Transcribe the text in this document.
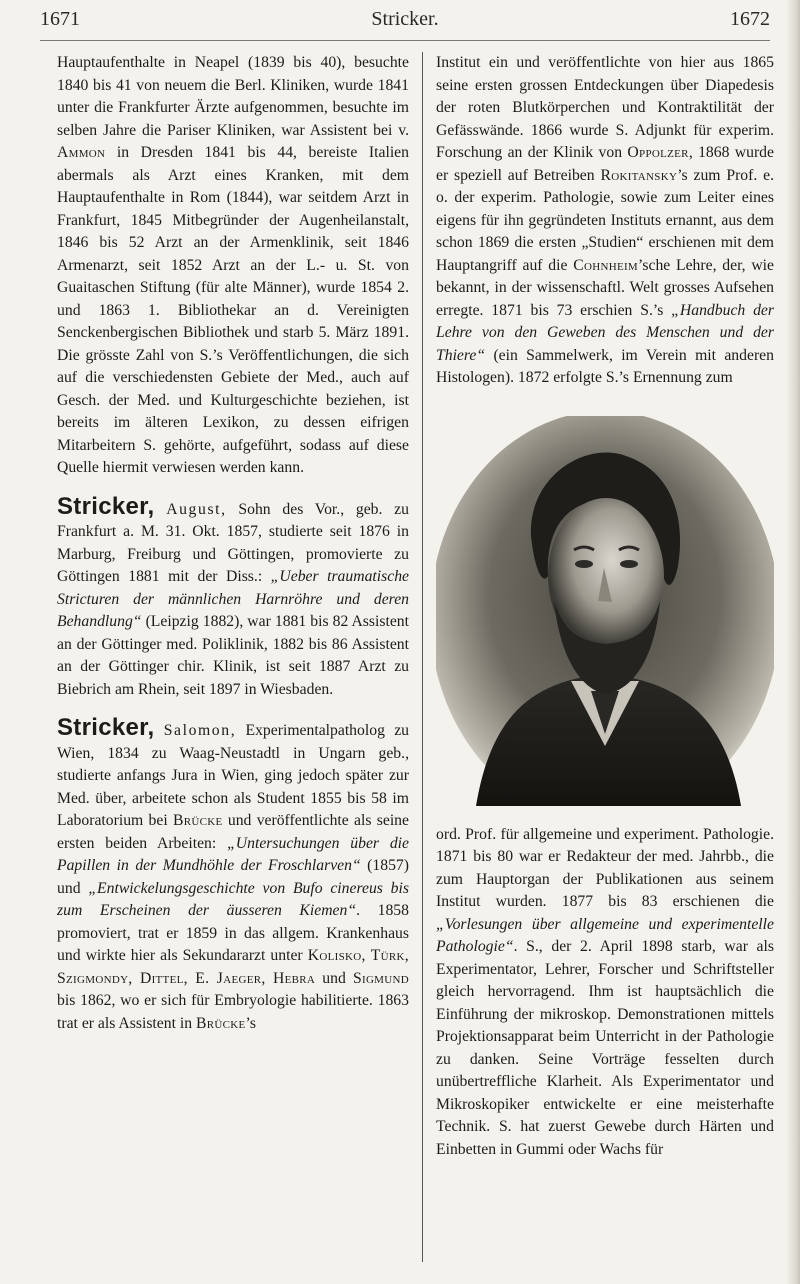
1671	Stricker.	1672

Hauptaufenthalte in Neapel (1839 bis 40), besuchte 1840 bis 41 von neuem die Berl. Kliniken, wurde 1841 unter die Frankfurter Ärzte aufgenommen, besuchte im selben Jahre die Pariser Kliniken, war Assistent bei v. Ammon in Dresden 1841 bis 44, bereiste Italien abermals als Arzt eines Kranken, mit dem Hauptaufenthalte in Rom (1844), war seitdem Arzt in Frankfurt, 1845 Mitbegründer der Augenheilanstalt, 1846 bis 52 Arzt an der Armenklinik, seit 1846 Armenarzt, seit 1852 Arzt an der L.- u. St. von Guaitaschen Stiftung (für alte Männer), wurde 1854 2. und 1863 1. Bibliothekar an d. Vereinigten Senckenbergischen Bibliothek und starb 5. März 1891. Die grösste Zahl von S.’s Veröffentlichungen, die sich auf die verschiedensten Gebiete der Med., auch auf Gesch. der Med. und Kulturgeschichte beziehen, ist bereits im älteren Lexikon, zu dessen eifrigen Mitarbeitern S. gehörte, aufgeführt, sodass auf diese Quelle hiermit verwiesen werden kann.

Stricker, August, Sohn des Vor., geb. zu Frankfurt a. M. 31. Okt. 1857, studierte seit 1876 in Marburg, Freiburg und Göttingen, promovierte zu Göttingen 1881 mit der Diss.: „Ueber traumatische Stricturen der männlichen Harnröhre und deren Behandlung“ (Leipzig 1882), war 1881 bis 82 Assistent an der Göttinger med. Poliklinik, 1882 bis 86 Assistent an der Göttinger chir. Klinik, ist seit 1887 Arzt zu Biebrich am Rhein, seit 1897 in Wiesbaden.

Stricker, Salomon, Experimentalpatholog zu Wien, 1834 zu Waag-Neustadtl in Ungarn geb., studierte anfangs Jura in Wien, ging jedoch später zur Med. über, arbeitete schon als Student 1855 bis 58 im Laboratorium bei Brücke und veröffentlichte als seine ersten beiden Arbeiten: „Untersuchungen über die Papillen in der Mundhöhle der Froschlarven“ (1857) und „Entwickelungsgeschichte von Bufo cinereus bis zum Erscheinen der äusseren Kiemen“. 1858 promoviert, trat er 1859 in das allgem. Krankenhaus und wirkte hier als Sekundararzt unter Kolisko, Türk, Szigmondy, Dittel, E. Jaeger, Hebra und Sigmund bis 1862, wo er sich für Embryologie habilitierte. 1863 trat er als Assistent in Brücke’s

Institut ein und veröffentlichte von hier aus 1865 seine ersten grossen Entdeckungen über Diapedesis der roten Blutkörperchen und Kontraktilität der Gefässwände. 1866 wurde S. Adjunkt für experim. Forschung an der Klinik von Oppolzer, 1868 wurde er speziell auf Betreiben Rokitansky’s zum Prof. e. o. der experim. Pathologie, sowie zum Leiter eines eigens für ihn gegründeten Instituts ernannt, aus dem schon 1869 die ersten „Studien“ erschienen mit dem Hauptangriff auf die Cohnheim’sche Lehre, der, wie bekannt, in der wissenschaftl. Welt grosses Aufsehen erregte. 1871 bis 73 erschien S.’s „Handbuch der Lehre von den Geweben des Menschen und der Thiere“ (ein Sammelwerk, im Verein mit anderen Histologen). 1872 erfolgte S.’s Ernennung zum

ord. Prof. für allgemeine und experiment. Pathologie. 1871 bis 80 war er Redakteur der med. Jahrbb., die zum Hauptorgan der Publikationen aus seinem Institut wurden. 1877 bis 83 erschienen die „Vorlesungen über allgemeine und experimentelle Pathologie“. S., der 2. April 1898 starb, war als Experimentator, Lehrer, Forscher und Schriftsteller gleich hervorragend. Ihm ist hauptsächlich die Einführung der mikroskop. Demonstrationen mittels Projektionsapparat beim Unterricht in der Pathologie zu danken. Seine Vorträge fesselten durch unübertreffliche Klarheit. Als Experimentator und Mikroskopiker entwickelte er eine meisterhafte Technik. S. hat zuerst Gewebe durch Härten und Einbetten in Gummi oder Wachs für
